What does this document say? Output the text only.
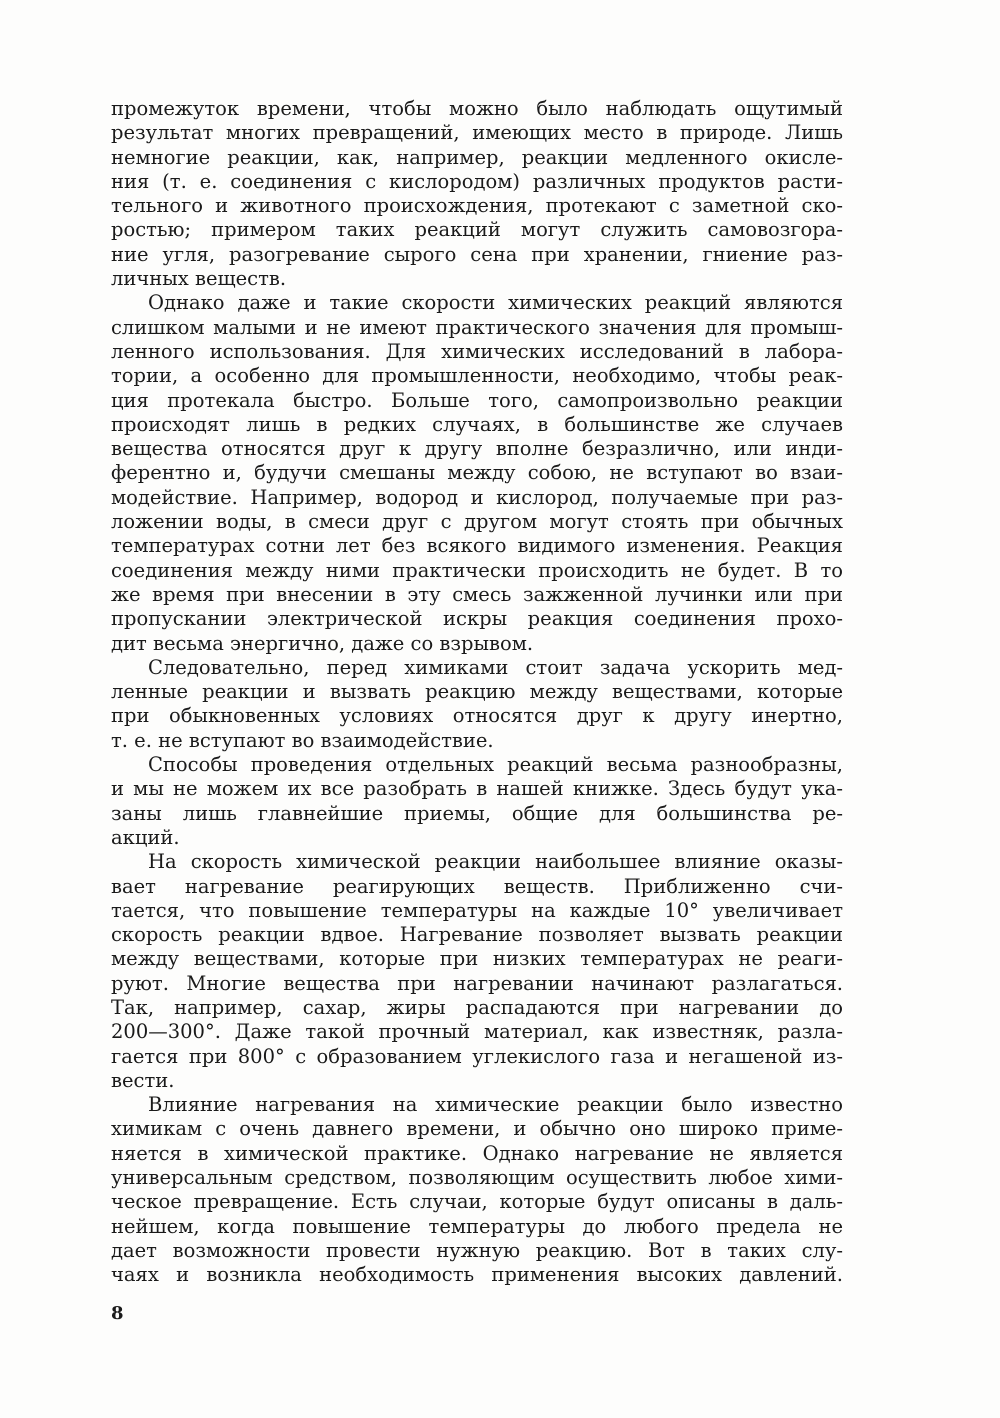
промежуток времени, чтобы можно было наблюдать ощутимый
результат многих превращений, имеющих место в природе. Лишь
немногие реакции, как, например, реакции медленного окисле-
ния (т. е. соединения с кислородом) различных продуктов расти-
тельного и животного происхождения, протекают с заметной ско-
ростью; примером таких реакций могут служить самовозгора-
ние угля, разогревание сырого сена при хранении, гниение раз-
личных веществ.
Однако даже и такие скорости химических реакций являются
слишком малыми и не имеют практического значения для промыш-
ленного использования. Для химических исследований в лабора-
тории, а особенно для промышленности, необходимо, чтобы реак-
ция протекала быстро. Больше того, самопроизвольно реакции
происходят лишь в редких случаях, в большинстве же случаев
вещества относятся друг к другу вполне безразлично, или инди-
ферентно и, будучи смешаны между собою, не вступают во взаи-
модействие. Например, водород и кислород, получаемые при раз-
ложении воды, в смеси друг с другом могут стоять при обычных
температурах сотни лет без всякого видимого изменения. Реакция
соединения между ними практически происходить не будет. В то
же время при внесении в эту смесь зажженной лучинки или при
пропускании электрической искры реакция соединения прохо-
дит весьма энергично, даже со взрывом.
Следовательно, перед химиками стоит задача ускорить мед-
ленные реакции и вызвать реакцию между веществами, которые
при обыкновенных условиях относятся друг к другу инертно,
т. е. не вступают во взаимодействие.
Способы проведения отдельных реакций весьма разнообразны,
и мы не можем их все разобрать в нашей книжке. Здесь будут ука-
заны лишь главнейшие приемы, общие для большинства ре-
акций.
На скорость химической реакции наибольшее влияние оказы-
вает нагревание реагирующих веществ. Приближенно счи-
тается, что повышение температуры на каждые 10° увеличивает
скорость реакции вдвое. Нагревание позволяет вызвать реакции
между веществами, которые при низких температурах не реаги-
руют. Многие вещества при нагревании начинают разлагаться.
Так, например, сахар, жиры распадаются при нагревании до
200—300°. Даже такой прочный материал, как известняк, разла-
гается при 800° с образованием углекислого газа и негашеной из-
вести.
Влияние нагревания на химические реакции было известно
химикам с очень давнего времени, и обычно оно широко приме-
няется в химической практике. Однако нагревание не является
универсальным средством, позволяющим осуществить любое хими-
ческое превращение. Есть случаи, которые будут описаны в даль-
нейшем, когда повышение температуры до любого предела не
дает возможности провести нужную реакцию. Вот в таких слу-
чаях и возникла необходимость применения высоких давлений.
8
